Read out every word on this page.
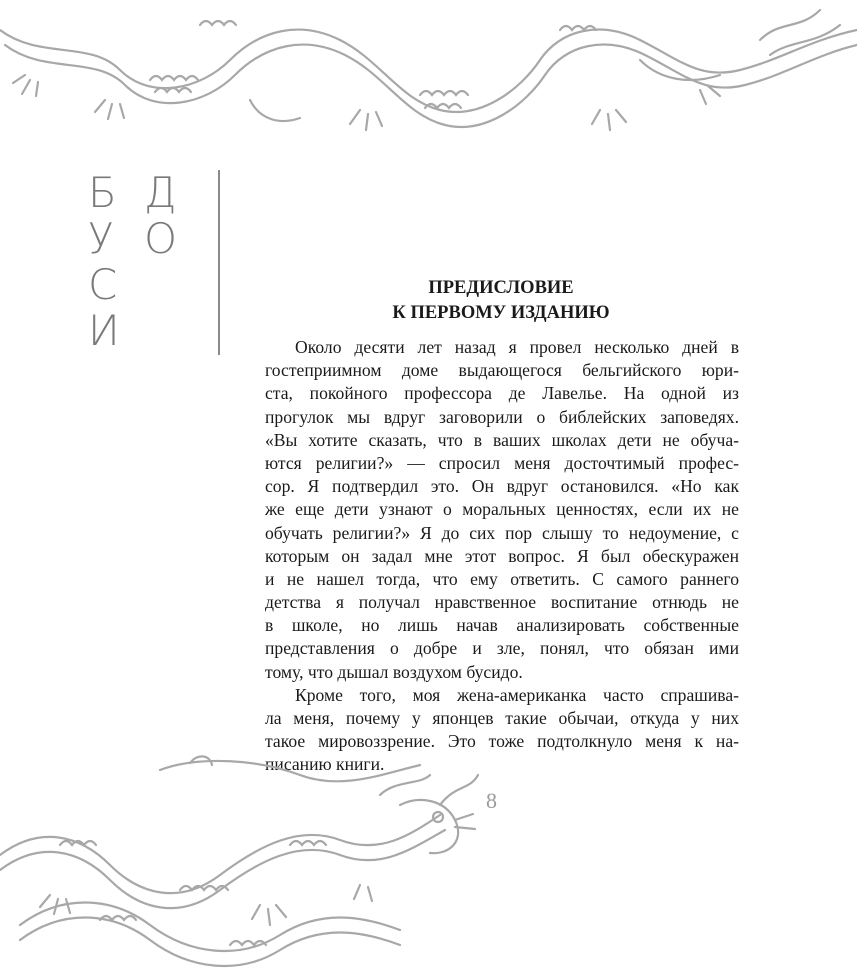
Б
У
С
И
Д
О
ПРЕДИСЛОВИЕ
К ПЕРВОМУ ИЗДАНИЮ
Около десяти лет назад я провел несколько дней в
гостеприимном доме выдающегося бельгийского юри-
ста, покойного профессора де Лавелье. На одной из
прогулок мы вдруг заговорили о библейских заповедях.
«Вы хотите сказать, что в ваших школах дети не обуча-
ются религии?» — спросил меня досточтимый профес-
сор. Я подтвердил это. Он вдруг остановился. «Но как
же еще дети узнают о моральных ценностях, если их не
обучать религии?» Я до сих пор слышу то недоумение, с
которым он задал мне этот вопрос. Я был обескуражен
и не нашел тогда, что ему ответить. С самого раннего
детства я получал нравственное воспитание отнюдь не
в школе, но лишь начав анализировать собственные
представления о добре и зле, понял, что обязан ими
тому, что дышал воздухом бусидо.
Кроме того, моя жена-американка часто спрашива-
ла меня, почему у японцев такие обычаи, откуда у них
такое мировоззрение. Это тоже подтолкнуло меня к на-
писанию книги.
8
